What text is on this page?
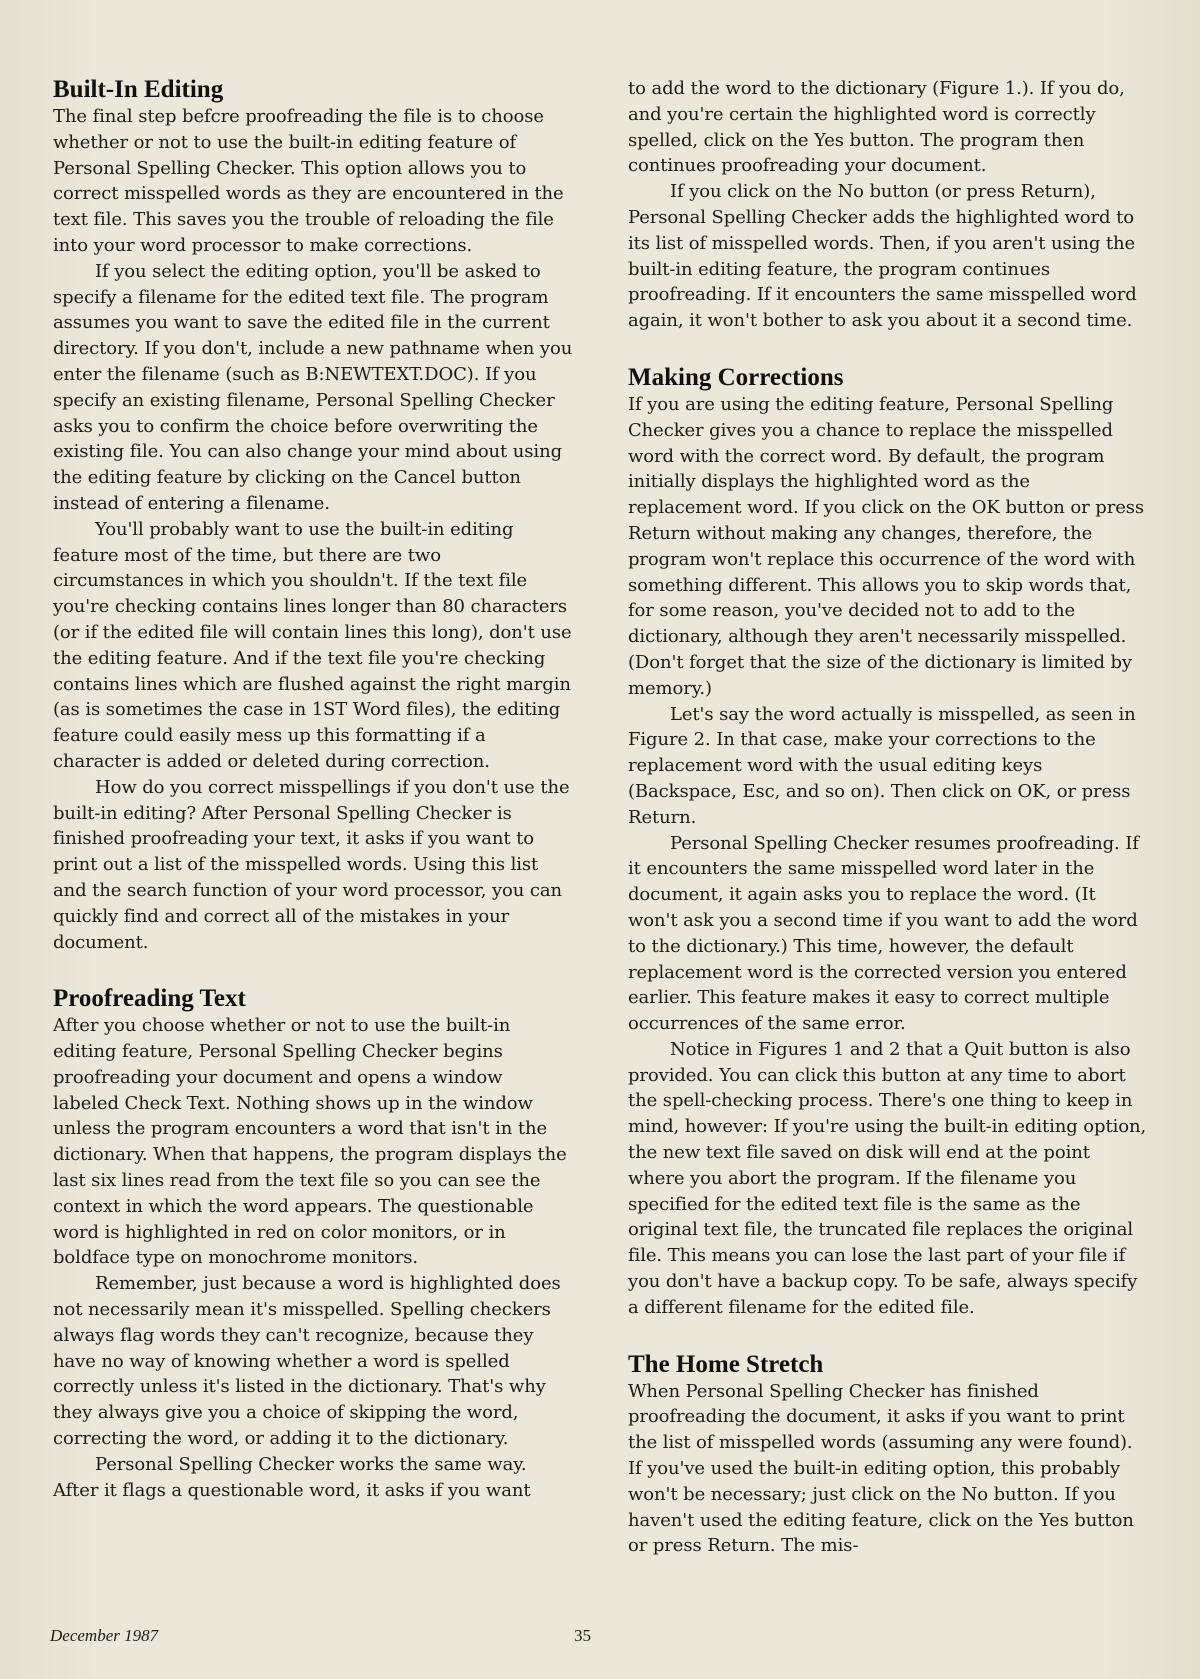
Built-In Editing

The final step befcre proofreading the file is to choose whether or not to use the built-in editing feature of Personal Spelling Checker. This option allows you to correct misspelled words as they are encountered in the text file. This saves you the trouble of reloading the file into your word processor to make corrections.

If you select the editing option, you'll be asked to specify a filename for the edited text file. The program assumes you want to save the edited file in the current directory. If you don't, include a new pathname when you enter the filename (such as B:NEWTEXT.DOC). If you specify an existing filename, Personal Spelling Checker asks you to confirm the choice before overwriting the existing file. You can also change your mind about using the editing feature by clicking on the Cancel button instead of entering a filename.

You'll probably want to use the built-in editing feature most of the time, but there are two circumstances in which you shouldn't. If the text file you're checking contains lines longer than 80 characters (or if the edited file will contain lines this long), don't use the editing feature. And if the text file you're checking contains lines which are flushed against the right margin (as is sometimes the case in 1ST Word files), the editing feature could easily mess up this formatting if a character is added or deleted during correction.

How do you correct misspellings if you don't use the built-in editing? After Personal Spelling Checker is finished proofreading your text, it asks if you want to print out a list of the misspelled words. Using this list and the search function of your word processor, you can quickly find and correct all of the mistakes in your document.

Proofreading Text

After you choose whether or not to use the built-in editing feature, Personal Spelling Checker begins proofreading your document and opens a window labeled Check Text. Nothing shows up in the window unless the program encounters a word that isn't in the dictionary. When that happens, the program displays the last six lines read from the text file so you can see the context in which the word appears. The questionable word is highlighted in red on color monitors, or in boldface type on monochrome monitors.

Remember, just because a word is highlighted does not necessarily mean it's misspelled. Spelling checkers always flag words they can't recognize, because they have no way of knowing whether a word is spelled correctly unless it's listed in the dictionary. That's why they always give you a choice of skipping the word, correcting the word, or adding it to the dictionary.

Personal Spelling Checker works the same way. After it flags a questionable word, it asks if you want

to add the word to the dictionary (Figure 1.). If you do, and you're certain the highlighted word is correctly spelled, click on the Yes button. The program then continues proofreading your document.

If you click on the No button (or press Return), Personal Spelling Checker adds the highlighted word to its list of misspelled words. Then, if you aren't using the built-in editing feature, the program continues proofreading. If it encounters the same misspelled word again, it won't bother to ask you about it a second time.

Making Corrections

If you are using the editing feature, Personal Spelling Checker gives you a chance to replace the misspelled word with the correct word. By default, the program initially displays the highlighted word as the replacement word. If you click on the OK button or press Return without making any changes, therefore, the program won't replace this occurrence of the word with something different. This allows you to skip words that, for some reason, you've decided not to add to the dictionary, although they aren't necessarily misspelled. (Don't forget that the size of the dictionary is limited by memory.)

Let's say the word actually is misspelled, as seen in Figure 2. In that case, make your corrections to the replacement word with the usual editing keys (Backspace, Esc, and so on). Then click on OK, or press Return.

Personal Spelling Checker resumes proofreading. If it encounters the same misspelled word later in the document, it again asks you to replace the word. (It won't ask you a second time if you want to add the word to the dictionary.) This time, however, the default replacement word is the corrected version you entered earlier. This feature makes it easy to correct multiple occurrences of the same error.

Notice in Figures 1 and 2 that a Quit button is also provided. You can click this button at any time to abort the spell-checking process. There's one thing to keep in mind, however: If you're using the built-in editing option, the new text file saved on disk will end at the point where you abort the program. If the filename you specified for the edited text file is the same as the original text file, the truncated file replaces the original file. This means you can lose the last part of your file if you don't have a backup copy. To be safe, always specify a different filename for the edited file.

The Home Stretch

When Personal Spelling Checker has finished proofreading the document, it asks if you want to print the list of misspelled words (assuming any were found). If you've used the built-in editing option, this probably won't be necessary; just click on the No button. If you haven't used the editing feature, click on the Yes button or press Return. The mis-

December 1987	35
